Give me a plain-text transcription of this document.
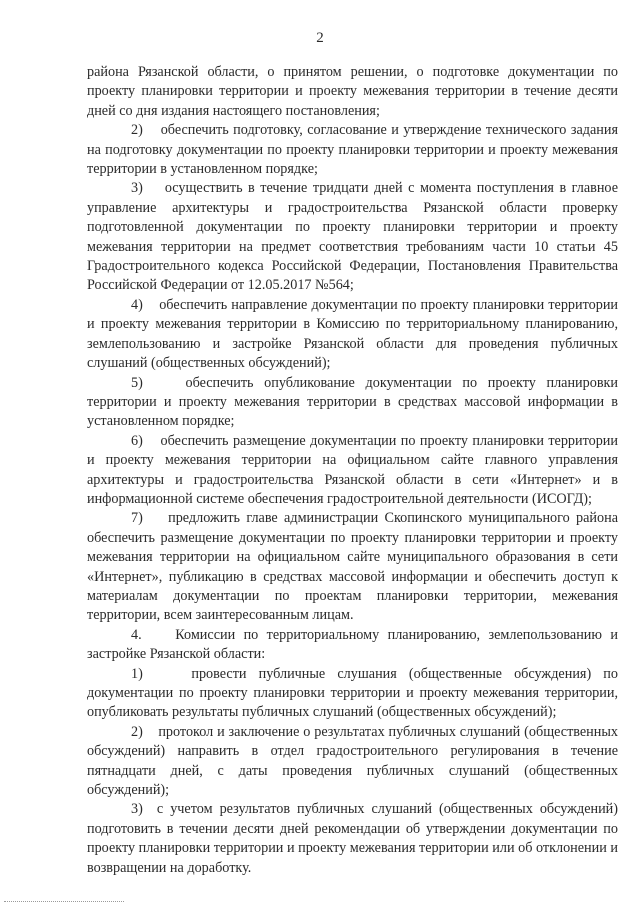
2

района Рязанской области, о принятом решении, о подготовке документации по проекту планировки территории и проекту межевания территории в течение десяти дней со дня издания настоящего постановления;

2)    обеспечить подготовку, согласование и утверждение технического задания на подготовку документации по проекту планировки территории и проекту межевания территории в установленном порядке;

3)    осуществить в течение тридцати дней с момента поступления в главное управление архитектуры и градостроительства Рязанской области проверку подготовленной документации по проекту планировки территории и проекту межевания территории на предмет соответствия требованиям части 10 статьи 45 Градостроительного кодекса Российской Федерации, Постановления Правительства Российской Федерации от 12.05.2017 №564;

4)    обеспечить направление документации по проекту планировки территории и проекту межевания территории в Комиссию по территориальному планированию, землепользованию и застройке Рязанской области для проведения публичных слушаний (общественных обсуждений);

5)    обеспечить опубликование документации по проекту планировки территории и проекту межевания территории в средствах массовой информации в установленном порядке;

6)    обеспечить размещение документации по проекту планировки территории и проекту межевания территории на официальном сайте главного управления архитектуры и градостроительства Рязанской области в сети «Интернет» и в информационной системе обеспечения градостроительной деятельности (ИСОГД);

7)    предложить главе администрации Скопинского муниципального района обеспечить размещение документации по проекту планировки территории и проекту межевания территории на официальном сайте муниципального образования в сети «Интернет», публикацию в средствах массовой информации и обеспечить доступ к материалам документации по проектам планировки территории, межевания территории, всем заинтересованным лицам.

4.    Комиссии по территориальному планированию, землепользованию и застройке Рязанской области:

1)    провести публичные слушания (общественные обсуждения) по документации по проекту планировки территории и проекту межевания территории, опубликовать результаты публичных слушаний (общественных обсуждений);

2)    протокол и заключение о результатах публичных слушаний (общественных обсуждений) направить в отдел градостроительного регулирования в течение пятнадцати дней, с даты проведения публичных слушаний (общественных обсуждений);

3)  с учетом результатов публичных слушаний (общественных обсуждений) подготовить в течении десяти дней рекомендации об утверждении документации по проекту планировки территории и проекту межевания территории или об отклонении и возвращении на доработку.
